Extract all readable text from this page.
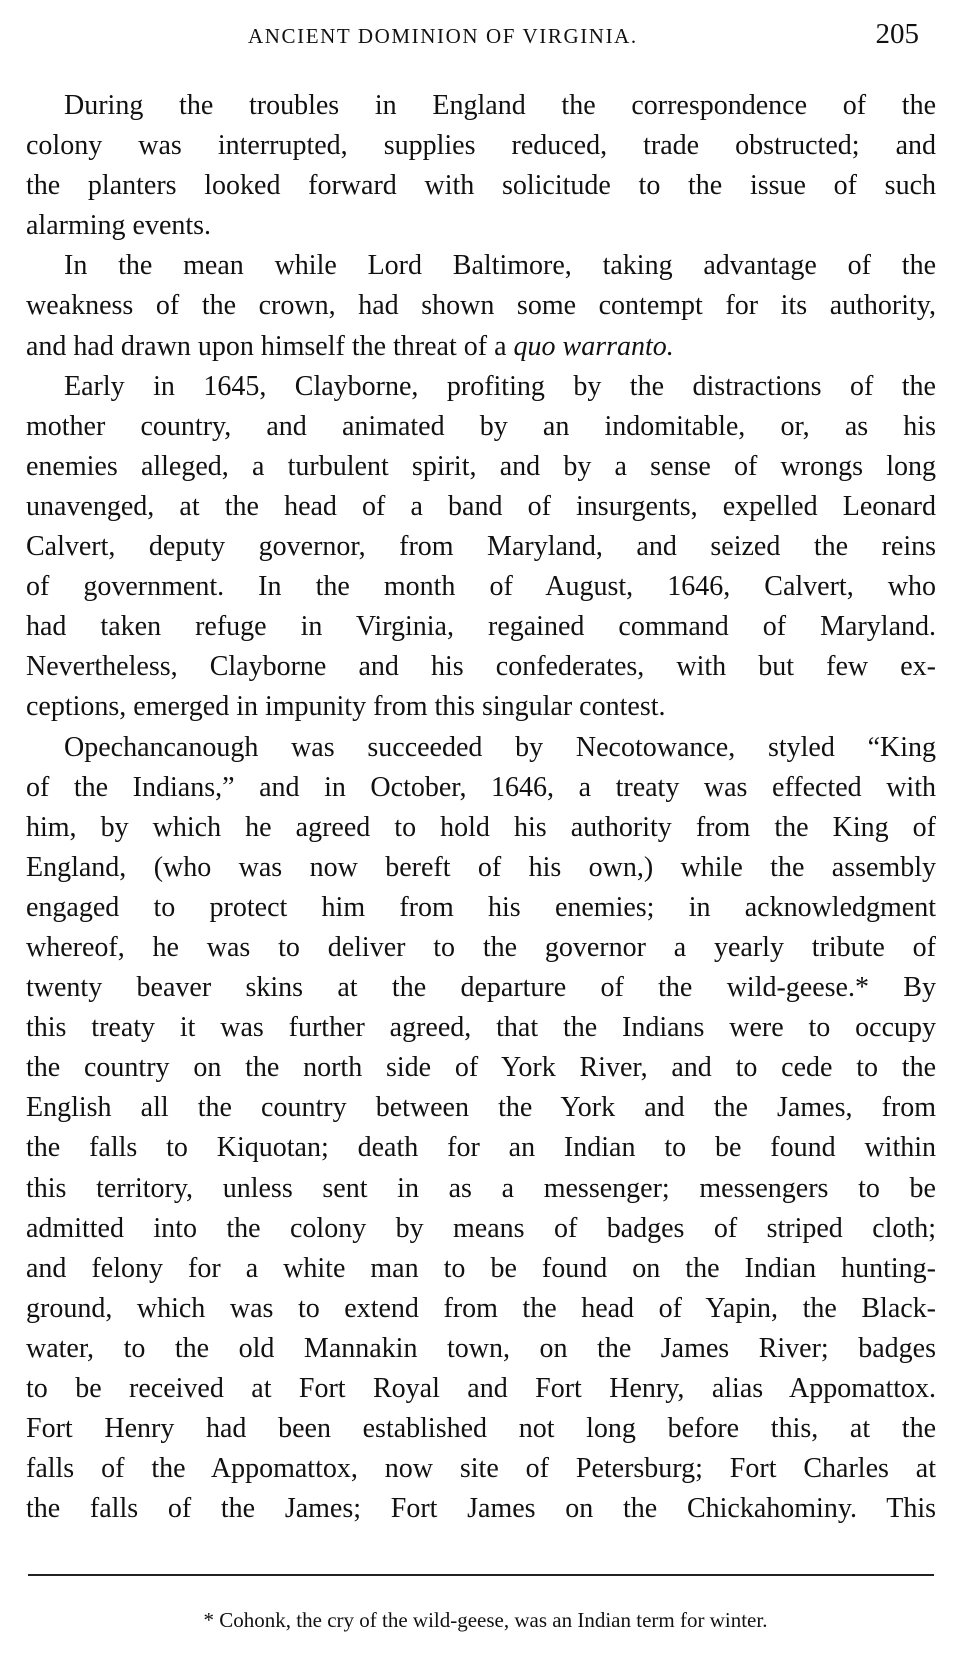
ANCIENT DOMINION OF VIRGINIA.	205
During the troubles in England the correspondence of the
colony was interrupted, supplies reduced, trade obstructed; and
the planters looked forward with solicitude to the issue of such
alarming events.
In the mean while Lord Baltimore, taking advantage of the
weakness of the crown, had shown some contempt for its authority,
and had drawn upon himself the threat of a quo warranto.
Early in 1645, Clayborne, profiting by the distractions of the
mother country, and animated by an indomitable, or, as his
enemies alleged, a turbulent spirit, and by a sense of wrongs long
unavenged, at the head of a band of insurgents, expelled Leonard
Calvert, deputy governor, from Maryland, and seized the reins
of government. In the month of August, 1646, Calvert, who
had taken refuge in Virginia, regained command of Maryland.
Nevertheless, Clayborne and his confederates, with but few ex-
ceptions, emerged in impunity from this singular contest.
Opechancanough was succeeded by Necotowance, styled “King
of the Indians,” and in October, 1646, a treaty was effected with
him, by which he agreed to hold his authority from the King of
England, (who was now bereft of his own,) while the assembly
engaged to protect him from his enemies; in acknowledgment
whereof, he was to deliver to the governor a yearly tribute of
twenty beaver skins at the departure of the wild-geese.* By
this treaty it was further agreed, that the Indians were to occupy
the country on the north side of York River, and to cede to the
English all the country between the York and the James, from
the falls to Kiquotan; death for an Indian to be found within
this territory, unless sent in as a messenger; messengers to be
admitted into the colony by means of badges of striped cloth;
and felony for a white man to be found on the Indian hunting-
ground, which was to extend from the head of Yapin, the Black-
water, to the old Mannakin town, on the James River; badges
to be received at Fort Royal and Fort Henry, alias Appomattox.
Fort Henry had been established not long before this, at the
falls of the Appomattox, now site of Petersburg; Fort Charles at
the falls of the James; Fort James on the Chickahominy. This
* Cohonk, the cry of the wild-geese, was an Indian term for winter.
